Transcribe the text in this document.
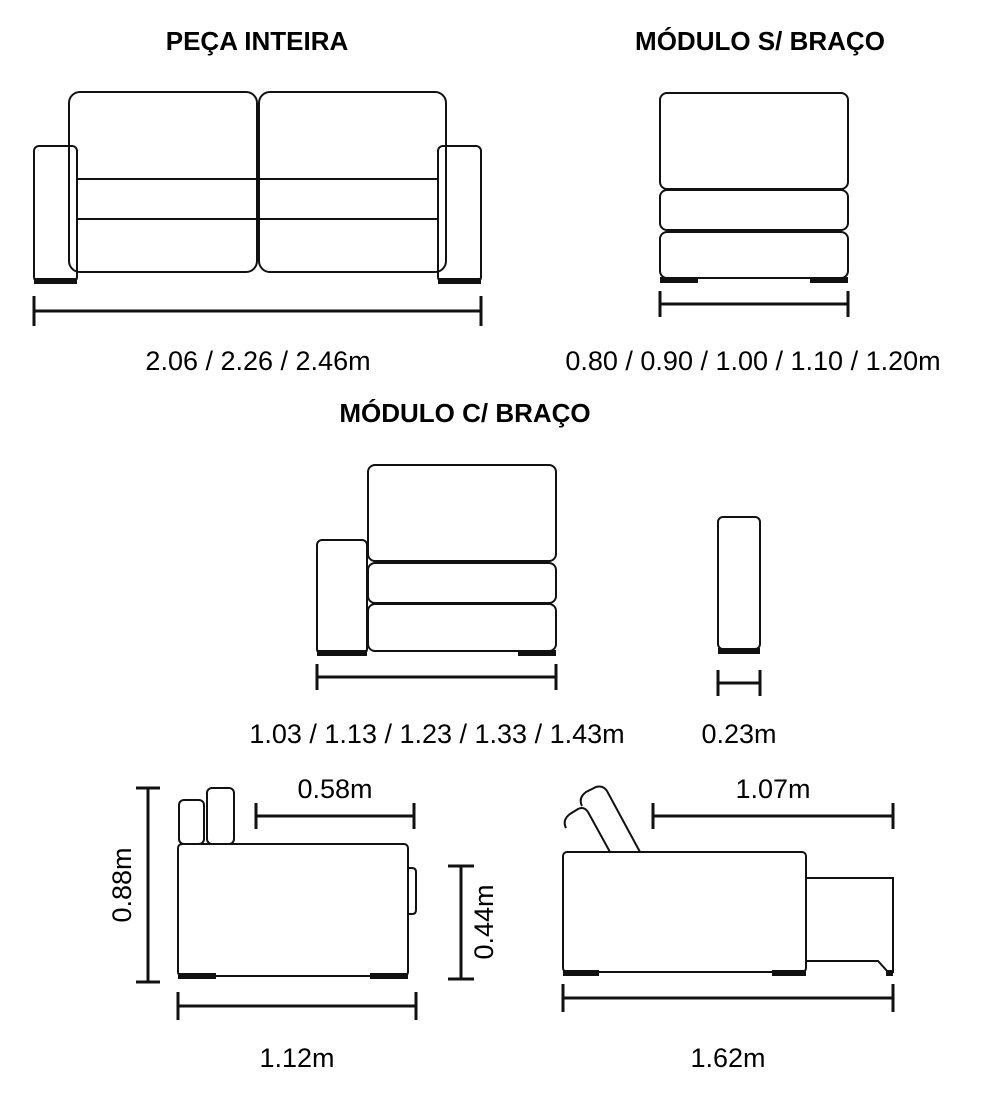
PEÇA INTEIRA	MÓDULO S/ BRAÇO
MÓDULO C/ BRAÇO
2.06 / 2.26 / 2.46m	0.80 / 0.90 / 1.00 / 1.10 / 1.20m
1.03 / 1.13 / 1.23 / 1.33 / 1.43m	0.23m
0.88m
0.58m
0.44m
1.12m
1.07m
1.62m
